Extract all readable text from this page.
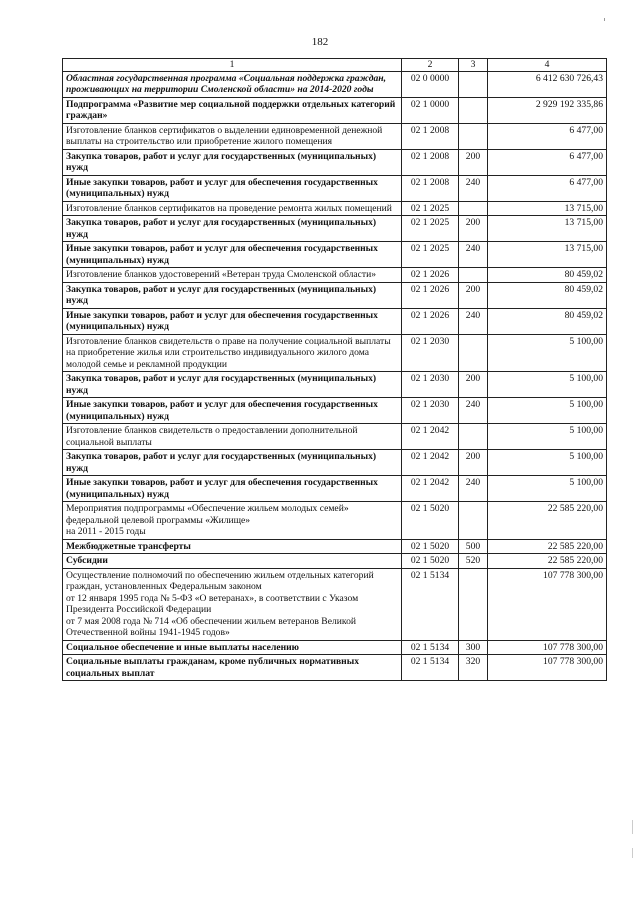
182
1	2	3	4
Областная государственная программа «Социальная поддержка граждан, проживающих на территории Смоленской области» на 2014-2020 годы	02 0 0000		6 412 630 726,43
Подпрограмма «Развитие мер социальной поддержки отдельных категорий граждан»	02 1 0000		2 929 192 335,86
Изготовление бланков сертификатов о выделении единовременной денежной выплаты на строительство или приобретение жилого помещения	02 1 2008		6 477,00
Закупка товаров, работ и услуг для государственных (муниципальных) нужд	02 1 2008	200	6 477,00
Иные закупки товаров, работ и услуг для обеспечения государственных (муниципальных) нужд	02 1 2008	240	6 477,00
Изготовление бланков сертификатов на проведение ремонта жилых помещений	02 1 2025		13 715,00
Закупка товаров, работ и услуг для государственных (муниципальных) нужд	02 1 2025	200	13 715,00
Иные закупки товаров, работ и услуг для обеспечения государственных (муниципальных) нужд	02 1 2025	240	13 715,00
Изготовление бланков удостоверений «Ветеран труда Смоленской области»	02 1 2026		80 459,02
Закупка товаров, работ и услуг для государственных (муниципальных) нужд	02 1 2026	200	80 459,02
Иные закупки товаров, работ и услуг для обеспечения государственных (муниципальных) нужд	02 1 2026	240	80 459,02
Изготовление бланков свидетельств о праве на получение социальной выплаты на приобретение жилья или строительство индивидуального жилого дома молодой семье и рекламной продукции	02 1 2030		5 100,00
Закупка товаров, работ и услуг для государственных (муниципальных) нужд	02 1 2030	200	5 100,00
Иные закупки товаров, работ и услуг для обеспечения государственных (муниципальных) нужд	02 1 2030	240	5 100,00
Изготовление бланков свидетельств о предоставлении дополнительной социальной выплаты	02 1 2042		5 100,00
Закупка товаров, работ и услуг для государственных (муниципальных) нужд	02 1 2042	200	5 100,00
Иные закупки товаров, работ и услуг для обеспечения государственных (муниципальных) нужд	02 1 2042	240	5 100,00
Мероприятия подпрограммы «Обеспечение жильем молодых семей» федеральной целевой программы «Жилище»
на 2011 - 2015 годы	02 1 5020		22 585 220,00
Межбюджетные трансферты	02 1 5020	500	22 585 220,00
Субсидии	02 1 5020	520	22 585 220,00
Осуществление полномочий по обеспечению жильем отдельных категорий граждан, установленных Федеральным законом
от 12 января 1995 года № 5-ФЗ «О ветеранах», в соответствии с Указом Президента Российской Федерации
от 7 мая 2008 года № 714 «Об обеспечении жильем ветеранов Великой Отечественной войны 1941-1945 годов»	02 1 5134		107 778 300,00
Социальное обеспечение и иные выплаты населению	02 1 5134	300	107 778 300,00
Социальные выплаты гражданам, кроме публичных нормативных социальных выплат	02 1 5134	320	107 778 300,00
